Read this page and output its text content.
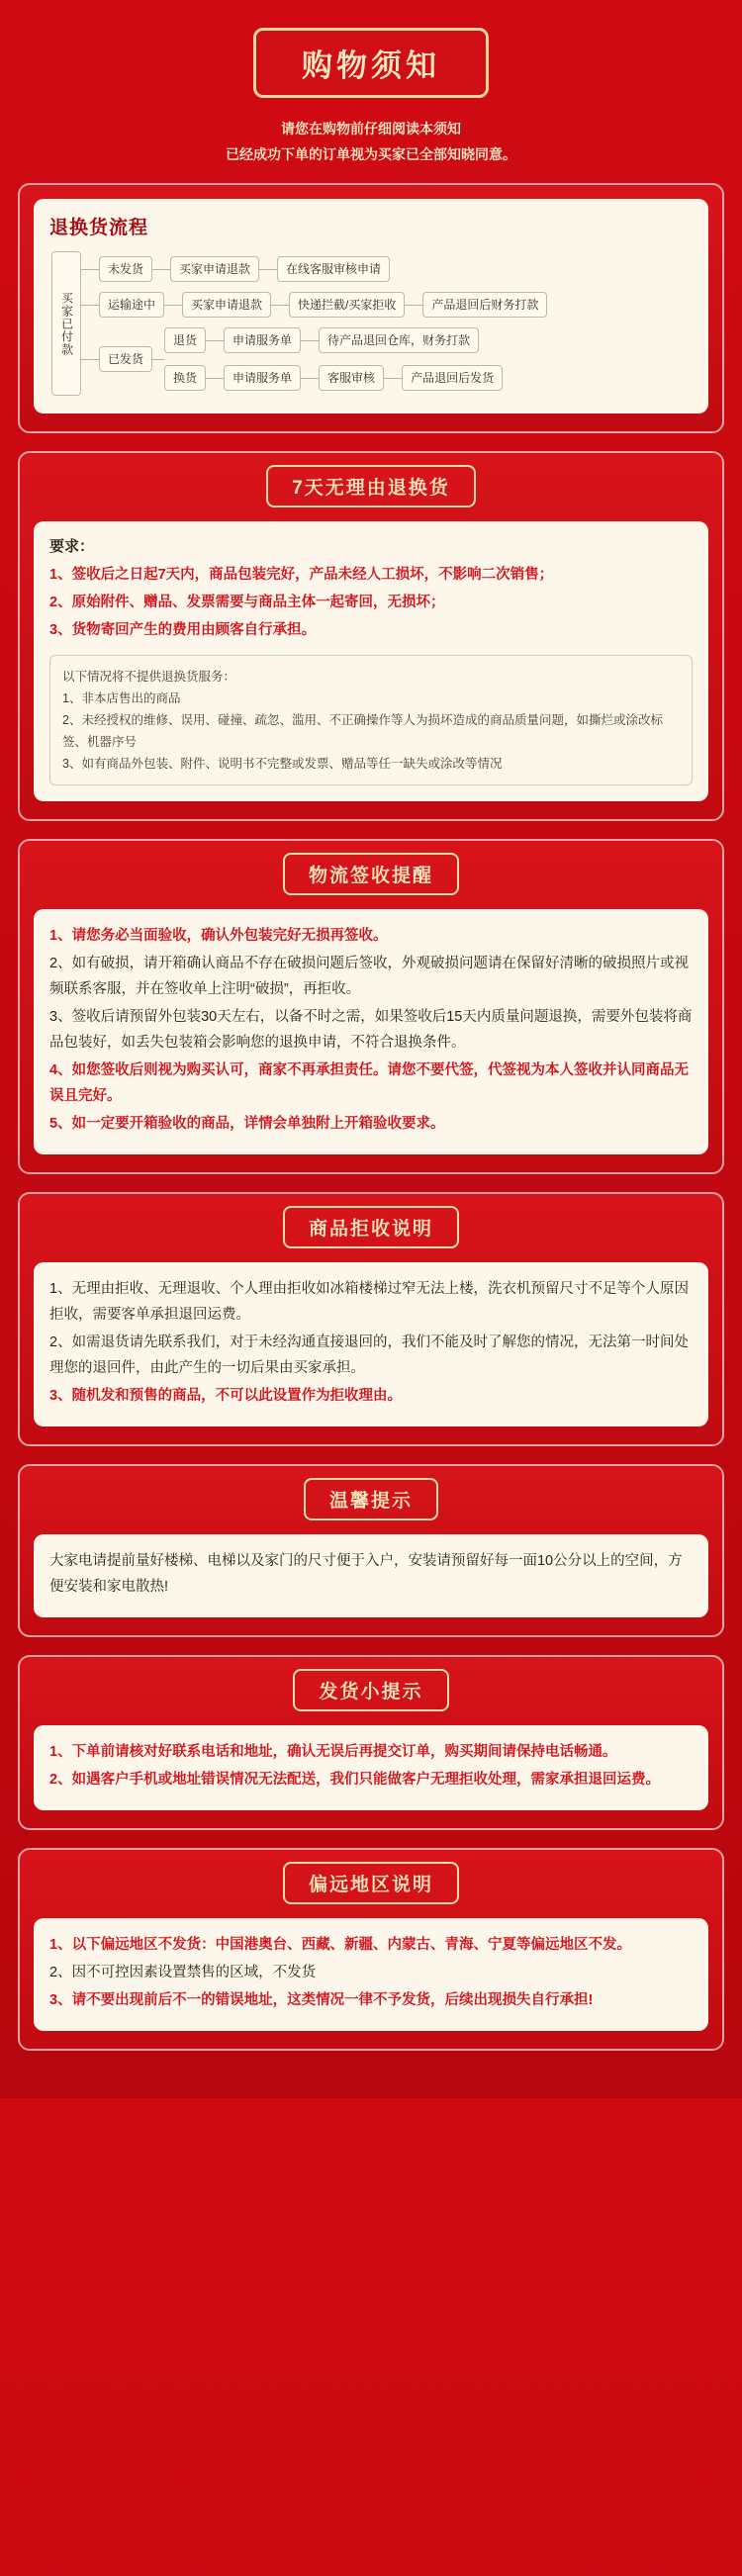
购物须知
请您在购物前仔细阅读本须知
已经成功下单的订单视为买家已全部知晓同意。
退换货流程
买家已付款
未发货	买家申请退款	在线客服审核申请
运输途中	买家申请退款	快递拦截/买家拒收	产品退回后财务打款
已发货
退货	申请服务单	待产品退回仓库，财务打款
换货	申请服务单	客服审核	产品退回后发货
7天无理由退换货
要求：

1、签收后之日起7天内，商品包装完好，产品未经人工损坏，不影响二次销售；

2、原始附件、赠品、发票需要与商品主体一起寄回，无损坏；

3、货物寄回产生的费用由顾客自行承担。

以下情况将不提供退换货服务：
1、非本店售出的商品
2、未经授权的维修、误用、碰撞、疏忽、滥用、不正确操作等人为损坏造成的商品质量问题，如撕烂或涂改标签、机器序号
3、如有商品外包装、附件、说明书不完整或发票、赠品等任一缺失或涂改等情况
物流签收提醒

1、请您务必当面验收，确认外包装完好无损再签收。

2、如有破损，请开箱确认商品不存在破损问题后签收，外观破损问题请在保留好清晰的破损照片或视频联系客服，并在签收单上注明“破损”，再拒收。

3、签收后请预留外包装30天左右，以备不时之需，如果签收后15天内质量问题退换，需要外包装将商品包装好，如丢失包装箱会影响您的退换申请，不符合退换条件。

4、如您签收后则视为购买认可，商家不再承担责任。请您不要代签，代签视为本人签收并认同商品无误且完好。

5、如一定要开箱验收的商品，详情会单独附上开箱验收要求。

商品拒收说明

1、无理由拒收、无理退收、个人理由拒收如冰箱楼梯过窄无法上楼，洗衣机预留尺寸不足等个人原因拒收，需要客单承担退回运费。

2、如需退货请先联系我们，对于未经沟通直接退回的，我们不能及时了解您的情况，无法第一时间处理您的退回件，由此产生的一切后果由买家承担。

3、随机发和预售的商品，不可以此设置作为拒收理由。

温馨提示

大家电请提前量好楼梯、电梯以及家门的尺寸便于入户，安装请预留好每一面10公分以上的空间，方便安装和家电散热!

发货小提示

1、下单前请核对好联系电话和地址，确认无误后再提交订单，购买期间请保持电话畅通。

2、如遇客户手机或地址错误情况无法配送，我们只能做客户无理拒收处理，需家承担退回运费。

偏远地区说明

1、以下偏远地区不发货：中国港奥台、西藏、新疆、内蒙古、青海、宁夏等偏远地区不发。

2、因不可控因素设置禁售的区域，不发货

3、请不要出现前后不一的错误地址，这类情况一律不予发货，后续出现损失自行承担!
